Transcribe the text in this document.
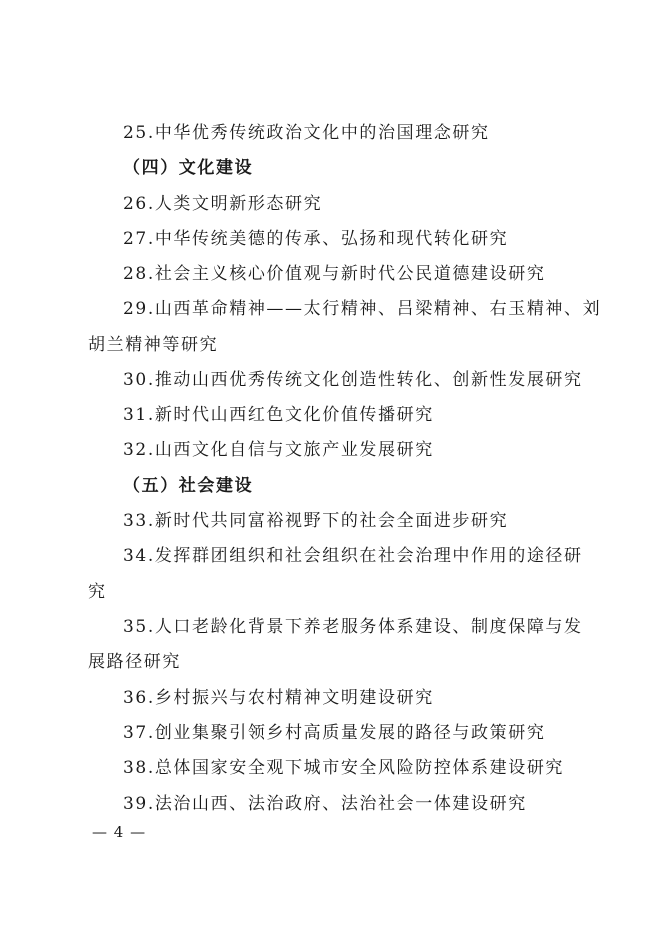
25.中华优秀传统政治文化中的治国理念研究
（四）文化建设
26.人类文明新形态研究
27.中华传统美德的传承、弘扬和现代转化研究
28.社会主义核心价值观与新时代公民道德建设研究
29.山西革命精神——太行精神、吕梁精神、右玉精神、刘
胡兰精神等研究
30.推动山西优秀传统文化创造性转化、创新性发展研究
31.新时代山西红色文化价值传播研究
32.山西文化自信与文旅产业发展研究
（五）社会建设
33.新时代共同富裕视野下的社会全面进步研究
34.发挥群团组织和社会组织在社会治理中作用的途径研
究
35.人口老龄化背景下养老服务体系建设、制度保障与发
展路径研究
36.乡村振兴与农村精神文明建设研究
37.创业集聚引领乡村高质量发展的路径与政策研究
38.总体国家安全观下城市安全风险防控体系建设研究
39.法治山西、法治政府、法治社会一体建设研究
— 4 —
